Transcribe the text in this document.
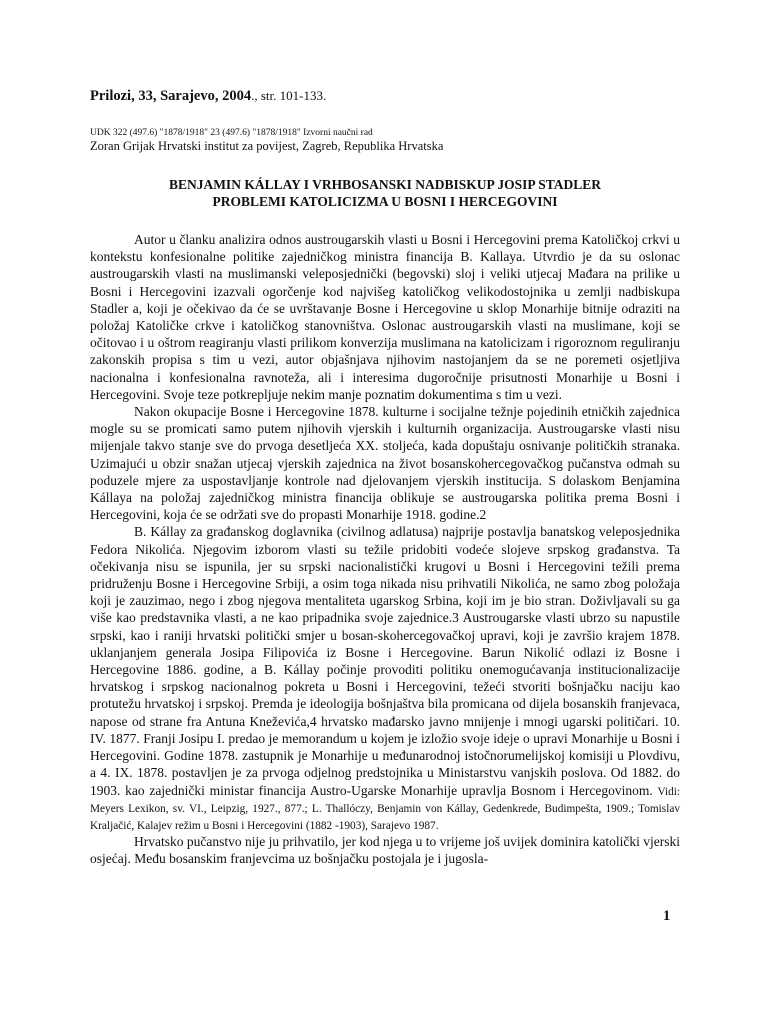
Prilozi, 33, Sarajevo, 2004., str. 101-133.

UDK 322 (497.6) "1878/1918" 23 (497.6) "1878/1918" Izvorni naučni rad

Zoran Grijak Hrvatski institut za povijest, Zagreb, Republika Hrvatska

BENJAMIN KÁLLAY I VRHBOSANSKI NADBISKUP JOSIP STADLER
PROBLEMI KATOLICIZMA U BOSNI I HERCEGOVINI

Autor u članku analizira odnos austrougarskih vlasti u Bosni i Hercegovini prema Katoličkoj crkvi u kontekstu konfesionalne politike zajedničkog ministra financija B. Kallaya. Utvrdio je da su oslonac austrougarskih vlasti na muslimanski veleposjednički (begovski) sloj i veliki utjecaj Mađara na prilike u Bosni i Hercegovini izazvali ogorčenje kod najvišeg katoličkog velikodostojnika u zemlji nadbiskupa Stadler a, koji je očekivao da će se uvrštavanje Bosne i Hercegovine u sklop Monarhije bitnije odraziti na položaj Katoličke crkve i katoličkog stanovništva. Oslonac austrougarskih vlasti na muslimane, koji se očitovao i u oštrom reagiranju vlasti prilikom konverzija muslimana na katolicizam i rigoroznom reguliranju zakonskih propisa s tim u vezi, autor objašnjava njihovim nastojanjem da se ne poremeti osjetljiva nacionalna i konfesionalna ravnoteža, ali i interesima dugoročnije prisutnosti Monarhije u Bosni i Hercegovini. Svoje teze potkrepljuje nekim manje poznatim dokumentima s tim u vezi.

Nakon okupacije Bosne i Hercegovine 1878. kulturne i socijalne težnje pojedinih etničkih zajednica mogle su se promicati samo putem njihovih vjerskih i kulturnih organizacija. Austrougarske vlasti nisu mijenjale takvo stanje sve do prvoga desetljeća XX. stoljeća, kada dopuštaju osnivanje političkih stranaka. Uzimajući u obzir snažan utjecaj vjerskih zajednica na život bosanskohercegovačkog pučanstva odmah su poduzele mjere za uspostavljanje kontrole nad djelovanjem vjerskih institucija. S dolaskom Benjamina Kállaya na položaj zajedničkog ministra financija oblikuje se austrougarska politika prema Bosni i Hercegovini, koja će se održati sve do propasti Monarhije 1918. godine.2

B. Kállay za građanskog doglavnika (civilnog adlatusa) najprije postavlja banatskog veleposjednika Fedora Nikolića. Njegovim izborom vlasti su težile pridobiti vodeće slojeve srpskog građanstva. Ta očekivanja nisu se ispunila, jer su srpski nacionalistički krugovi u Bosni i Hercegovini težili prema pridruženju Bosne i Hercegovine Srbiji, a osim toga nikada nisu prihvatili Nikolića, ne samo zbog položaja koji je zauzimao, nego i zbog njegova mentaliteta ugarskog Srbina, koji im je bio stran. Doživljavali su ga više kao predstavnika vlasti, a ne kao pripadnika svoje zajednice.3 Austrougarske vlasti ubrzo su napustile srpski, kao i raniji hrvatski politički smjer u bosan-skohercegovačkoj upravi, koji je završio krajem 1878. uklanjanjem generala Josipa Filipovića iz Bosne i Hercegovine. Barun Nikolić odlazi iz Bosne i Hercegovine 1886. godine, a B. Kállay počinje provoditi politiku onemogućavanja institucionalizacije hrvatskog i srpskog nacionalnog pokreta u Bosni i Hercegovini, težeći stvoriti bošnjačku naciju kao protutežu hrvatskoj i srpskoj. Premda je ideologija bošnjaštva bila promicana od dijela bosanskih franjevaca, napose od strane fra Antuna Kneževića,4 hrvatsko mađarsko javno mnijenje i mnogi ugarski političari. 10. IV. 1877. Franji Josipu I. predao je memorandum u kojem je izložio svoje ideje o upravi Monarhije u Bosni i Hercegovini. Godine 1878. zastupnik je Monarhije u međunarodnoj istočnorumelijskoj komisiji u Plovdivu, a 4. IX. 1878. postavljen je za prvoga odjelnog predstojnika u Ministarstvu vanjskih poslova. Od 1882. do 1903. kao zajednički ministar financija Austro-Ugarske Monarhije upravlja Bosnom i Hercegovinom. Vidi: Meyers Lexikon, sv. VI., Leipzig, 1927., 877.; L. Thallóczy, Benjamin von Kállay, Gedenkrede, Budimpešta, 1909.; Tomislav Kraljačić, Kalajev režim u Bosni i Hercegovini (1882 -1903), Sarajevo 1987.

Hrvatsko pučanstvo nije ju prihvatilo, jer kod njega u to vrijeme još uvijek dominira katolički vjerski osjećaj. Među bosanskim franjevcima uz bošnjačku postojala je i jugosla-

1
